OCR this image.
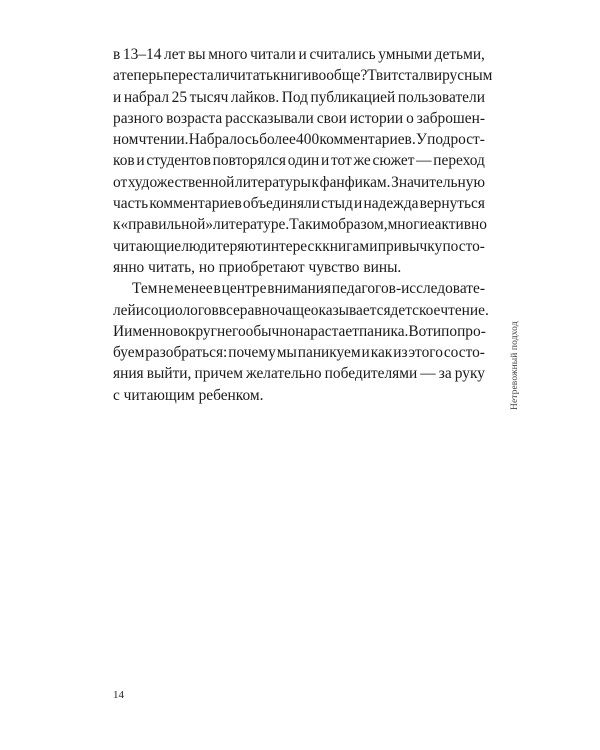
в 13–14 лет вы много читали и считались умными детьми,
а теперь перестали читать книги вообще? Твит стал вирусным
и набрал 25 тысяч лайков. Под публикацией пользователи
разного возраста рассказывали свои истории о заброшен-
ном чтении. Набралось более 400 комментариев. У подрост-
ков и студентов повторялся один и тот же сюжет — переход
от художественной литературы к фанфикам. Значительную
часть комментариев объединяли стыд и надежда вернуться
к «правильной» литературе. Таким образом, многие активно
читающие люди теряют интерес к книгам и привычку посто-
янно читать, но приобретают чувство вины.
Тем не менее в центре внимания педагогов-исследовате-
лей и социологов все равно чаще оказывается детское чтение.
И именно вокруг него обычно нарастает паника. Вот и попро-
буем разобраться: почему мы паникуем и как из этого состо-
яния выйти, причем желательно победителями — за руку
с читающим ребенком.	Нетревожный подход
14
